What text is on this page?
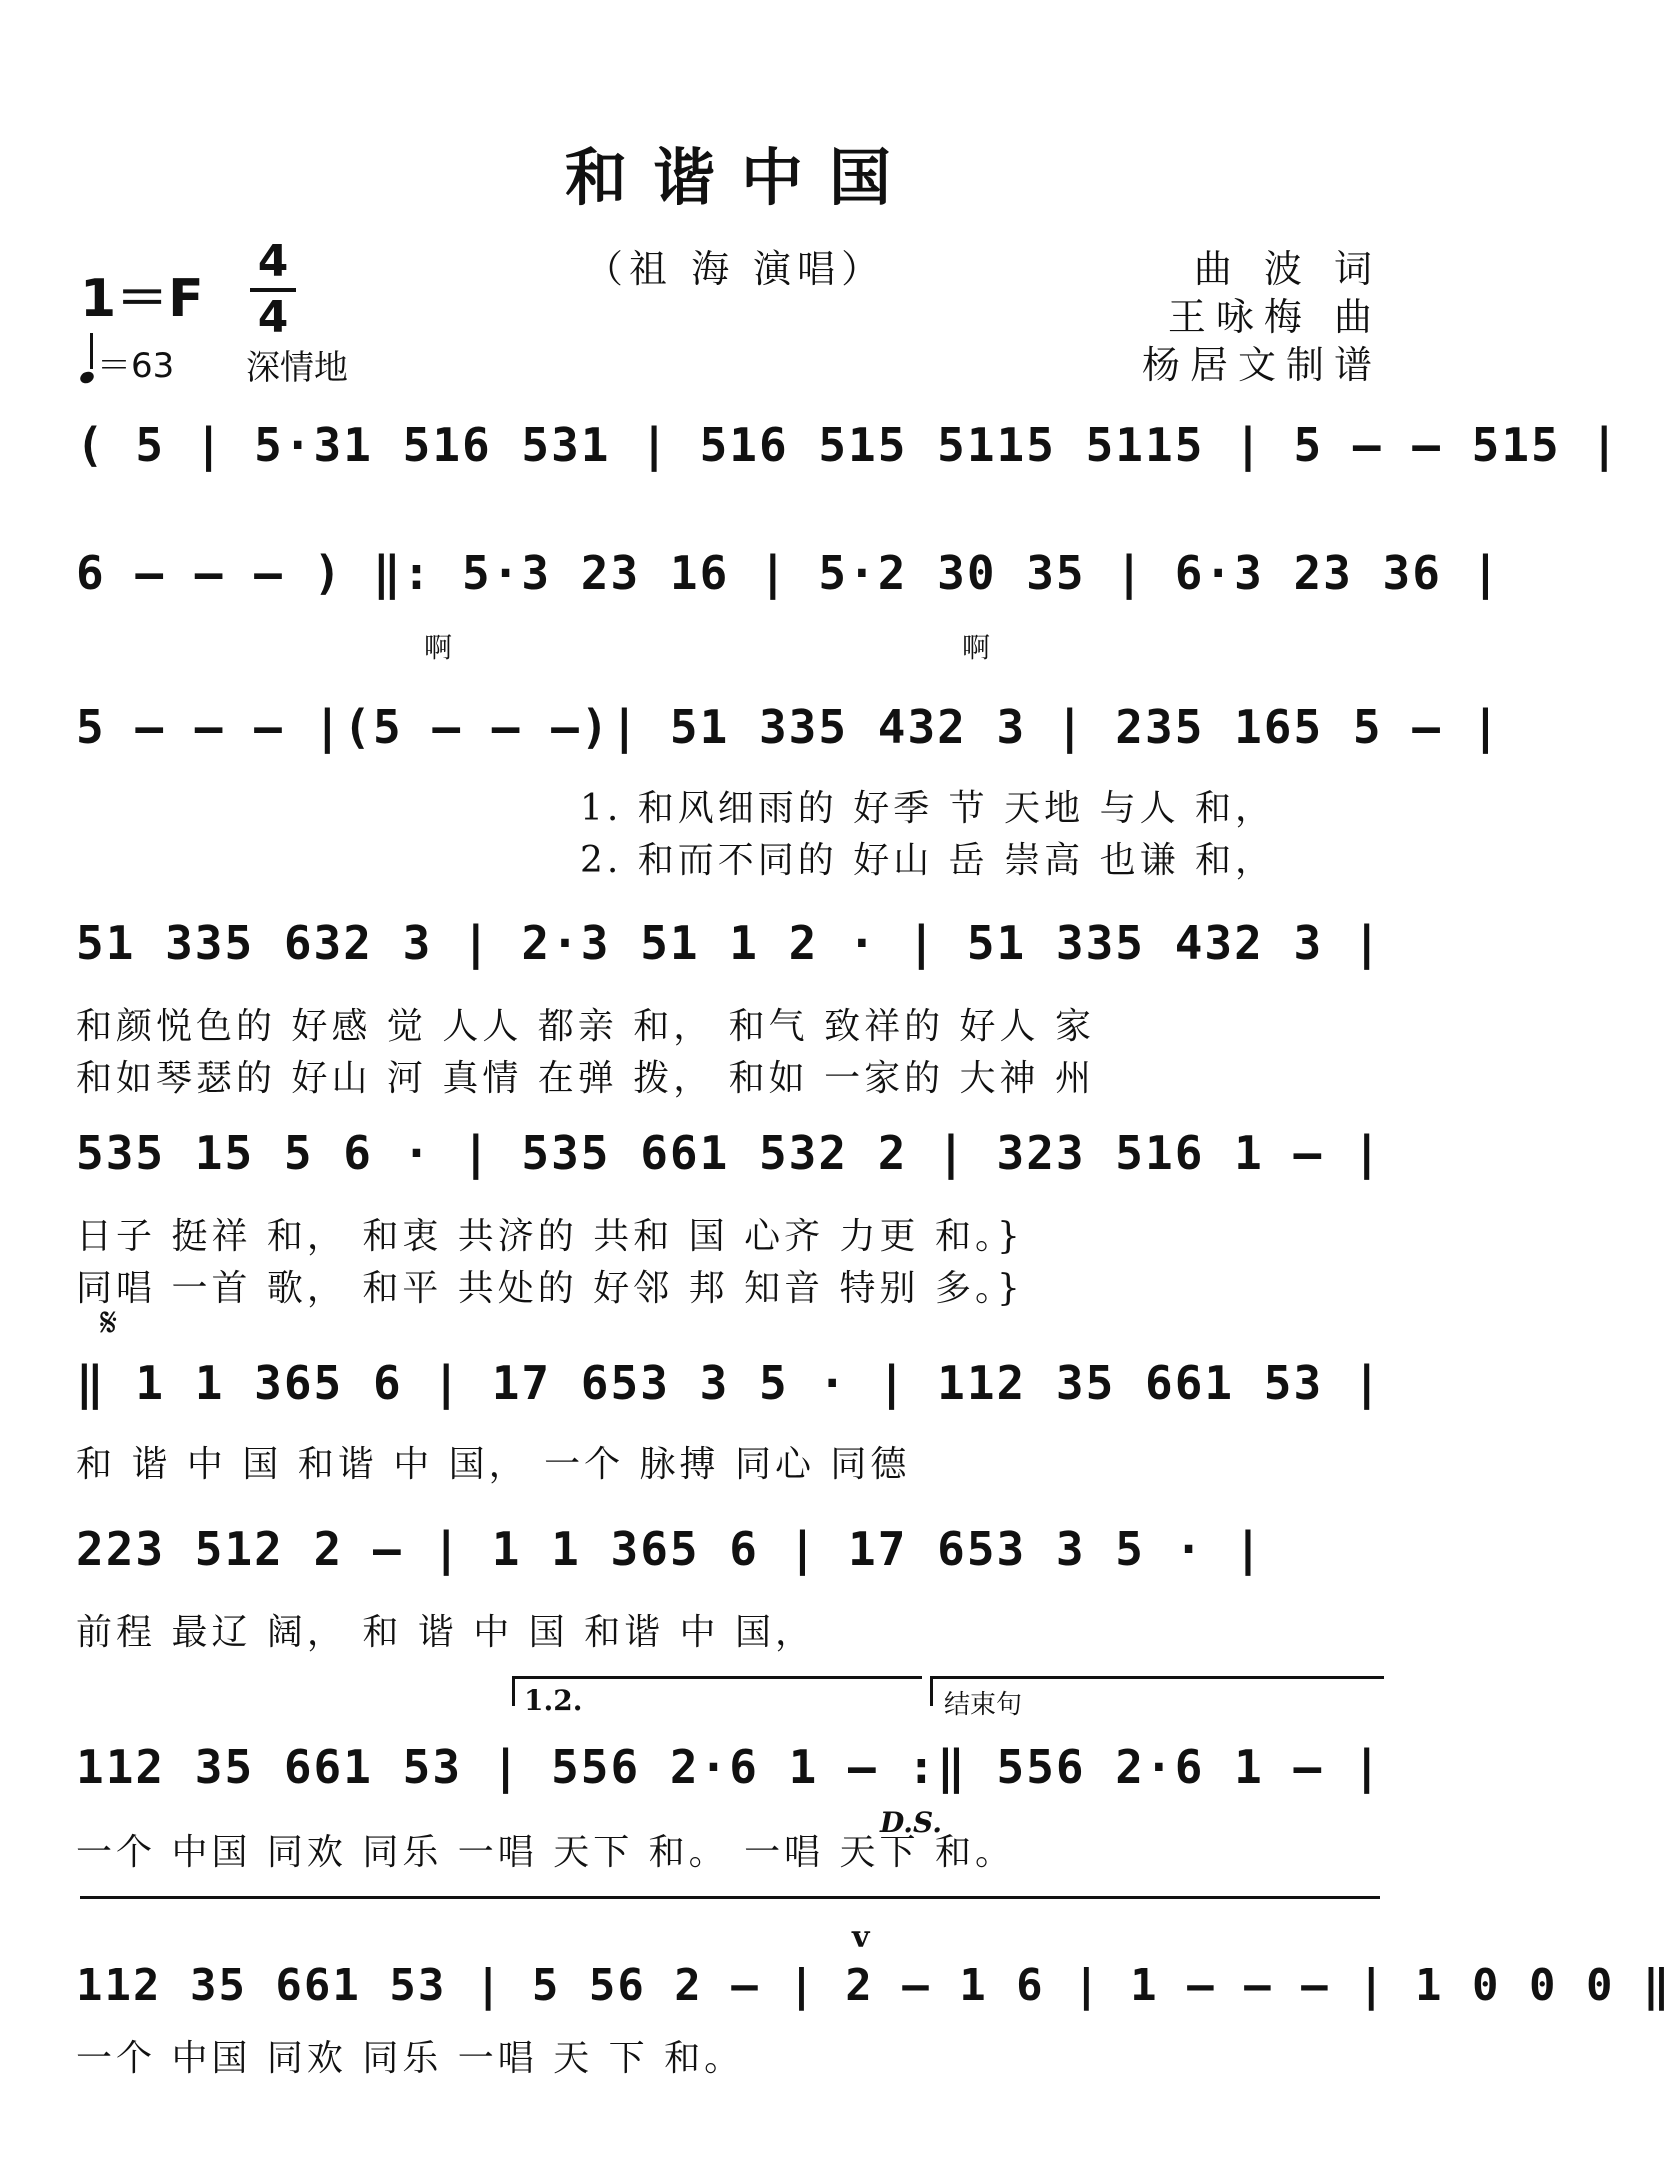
和谐中国
（祖 海 演唱）	曲 波 词
王咏梅 曲
杨居文制谱
1＝F
4
4
＝63 深情地
( 5 | 5·31 516 531 | 516 515 5115 5115 | 5 – – 515 |
6 – – – ) ‖: 5·3 23 16 | 5·2 30 35 | 6·3 23 36 |
啊	啊
5 – – – |(5 – – –)| 51 335 432 3 | 235 165 5 – |
1. 和风细雨的 好季 节 天地 与人 和，
2. 和而不同的 好山 岳 崇高 也谦 和，
51 335 632 3 | 2·3 51 1 2 · | 51 335 432 3 |
和颜悦色的 好感 觉 人人 都亲 和， 和气 致祥的 好人 家
和如琴瑟的 好山 河 真情 在弹 拨， 和如 一家的 大神 州
535 15 5 6 · | 535 661 532 2 | 323 516 1 – |
日子 挺祥 和， 和衷 共济的 共和 国 心齐 力更 和。}
同唱 一首 歌， 和平 共处的 好邻 邦 知音 特别 多。}
𝄋
‖ 1 1 365 6 | 17 653 3 5 · | 112 35 661 53 |
和 谐 中 国 和谐 中 国， 一个 脉搏 同心 同德
223 512 2 – | 1 1 365 6 | 17 653 3 5 · |
前程 最辽 阔， 和 谐 中 国 和谐 中 国，
1.2.	结束句
112 35 661 53 | 556 2·6 1 – :‖ 556 2·6 1 – |
D.S.
一个 中国 同欢 同乐 一唱 天下 和。 一唱 天下 和。
v
112 35 661 53 | 5 56 2 – | 2 – 1 6 | 1 – – – | 1 0 0 0 ‖
一个 中国 同欢 同乐 一唱 天 下 和。
